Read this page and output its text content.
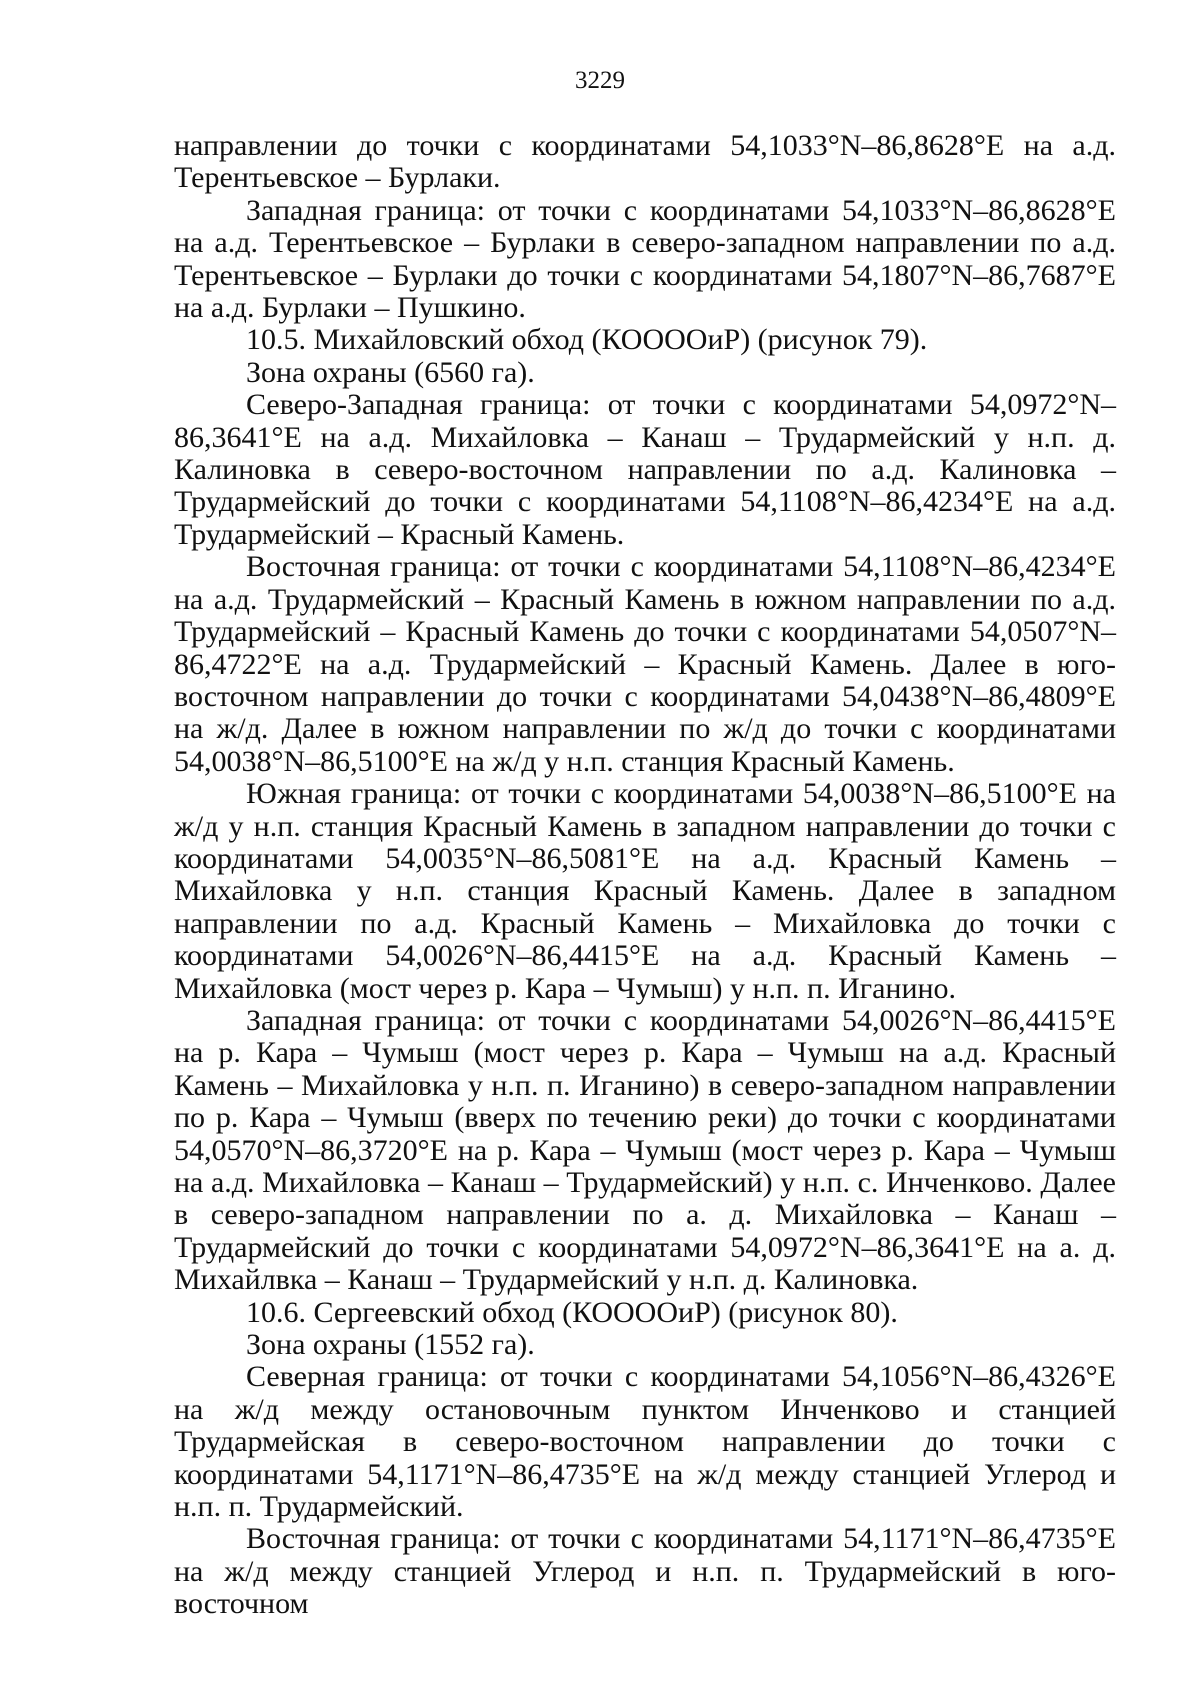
3229

направлении до точки с координатами 54,1033°N–86,8628°E на а.д. Терентьевское – Бурлаки.

Западная граница: от точки с координатами 54,1033°N–86,8628°E на а.д. Терентьевское – Бурлаки в северо-западном направлении по а.д. Терентьевское – Бурлаки до точки с координатами 54,1807°N–86,7687°E на а.д. Бурлаки – Пушкино.

10.5. Михайловский обход (КООООиР) (рисунок 79).

Зона охраны (6560 га).

Северо-Западная граница: от точки с координатами 54,0972°N–86,3641°E на а.д. Михайловка – Канаш – Трудармейский у н.п. д. Калиновка в северо-восточном направлении по а.д. Калиновка – Трудармейский до точки с координатами 54,1108°N–86,4234°E на а.д. Трудармейский – Красный Камень.

Восточная граница: от точки с координатами 54,1108°N–86,4234°E на а.д. Трудармейский – Красный Камень в южном направлении по а.д. Трудармейский – Красный Камень до точки с координатами 54,0507°N–86,4722°E на а.д. Трудармейский – Красный Камень. Далее в юго-восточном направлении до точки с координатами 54,0438°N–86,4809°E на ж/д. Далее в южном направлении по ж/д до точки с координатами 54,0038°N–86,5100°E на ж/д у н.п. станция Красный Камень.

Южная граница: от точки с координатами 54,0038°N–86,5100°E на ж/д у н.п. станция Красный Камень в западном направлении до точки с координатами 54,0035°N–86,5081°E на а.д. Красный Камень – Михайловка у н.п. станция Красный Камень. Далее в западном направлении по а.д. Красный Камень – Михайловка до точки с координатами 54,0026°N–86,4415°E на а.д. Красный Камень – Михайловка (мост через р. Кара – Чумыш) у н.п. п. Иганино.

Западная граница: от точки с координатами 54,0026°N–86,4415°E на р. Кара – Чумыш (мост через р. Кара – Чумыш на а.д. Красный Камень – Михайловка у н.п. п. Иганино) в северо-западном направлении по р. Кара – Чумыш (вверх по течению реки) до точки с координатами 54,0570°N–86,3720°E на р. Кара – Чумыш (мост через р. Кара – Чумыш на а.д. Михайловка – Канаш – Трудармейский) у н.п. с. Инченково. Далее в северо-западном направлении по а. д. Михайловка – Канаш – Трудармейский до точки с координатами 54,0972°N–86,3641°E на а. д. Михайлвка – Канаш – Трудармейский у н.п. д. Калиновка.

10.6. Сергеевский обход (КООООиР) (рисунок 80).

Зона охраны (1552 га).

Северная граница: от точки с координатами 54,1056°N–86,4326°E на ж/д между остановочным пунктом Инченково и станцией Трудармейская в северо-восточном направлении до точки с координатами 54,1171°N–86,4735°E на ж/д между станцией Углерод и н.п. п. Трудармейский.

Восточная граница: от точки с координатами 54,1171°N–86,4735°E на ж/д между станцией Углерод и н.п. п. Трудармейский в юго-восточном
